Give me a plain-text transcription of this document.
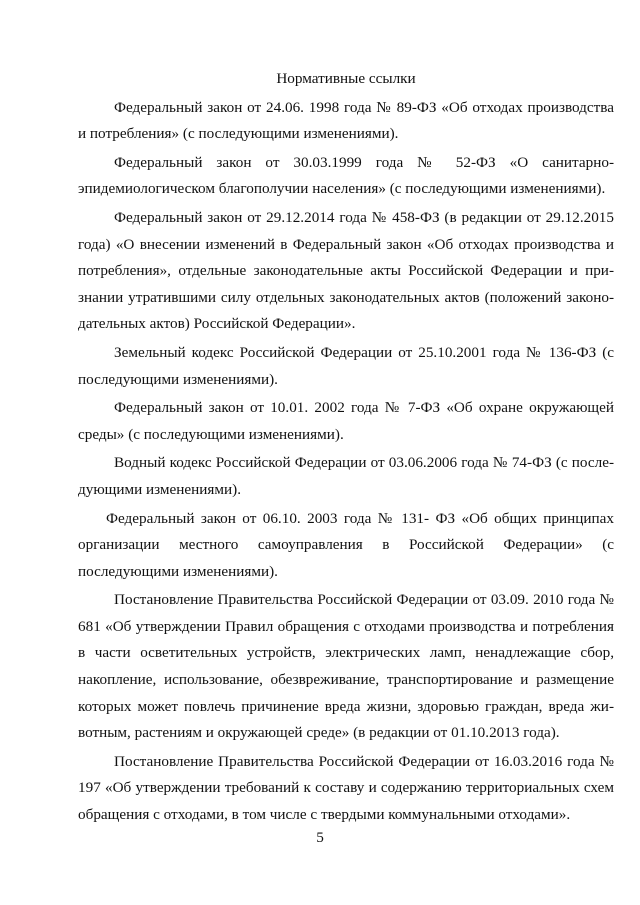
Нормативные ссылки

Федеральный закон от 24.06. 1998 года № 89-ФЗ «Об отходах производства и потребления» (с последующими изменениями).

Федеральный закон от 30.03.1999 года № 52-ФЗ «О санитарно-эпидемиологическом благополучии населения» (с последующими изменениями).

Федеральный закон от 29.12.2014 года № 458-ФЗ (в редакции от 29.12.2015 года) «О внесении изменений в Федеральный закон «Об отходах производства и потребления», отдельные законодательные акты Российской Федерации и признании утратившими силу отдельных законодательных актов (положений законодательных актов) Российской Федерации».

Земельный кодекс Российской Федерации от 25.10.2001 года № 136-ФЗ (с последующими изменениями).

Федеральный закон от 10.01. 2002 года № 7-ФЗ «Об охране окружающей среды» (с последующими изменениями).

Водный кодекс Российской Федерации от 03.06.2006 года № 74-ФЗ (с последующими изменениями).

Федеральный закон от 06.10. 2003 года № 131- ФЗ «Об общих принципах организации местного самоуправления в Российской Федерации» (с последующими изменениями).

Постановление Правительства Российской Федерации от 03.09. 2010 года № 681 «Об утверждении Правил обращения с отходами производства и потребления в части осветительных устройств, электрических ламп, ненадлежащие сбор, накопление, использование, обезвреживание, транспортирование и размещение которых может повлечь причинение вреда жизни, здоровью граждан, вреда животным, растениям и окружающей среде» (в редакции от 01.10.2013 года).

Постановление Правительства Российской Федерации от 16.03.2016 года № 197 «Об утверждении требований к составу и содержанию территориальных схем обращения с отходами, в том числе с твердыми коммунальными отходами».

5
